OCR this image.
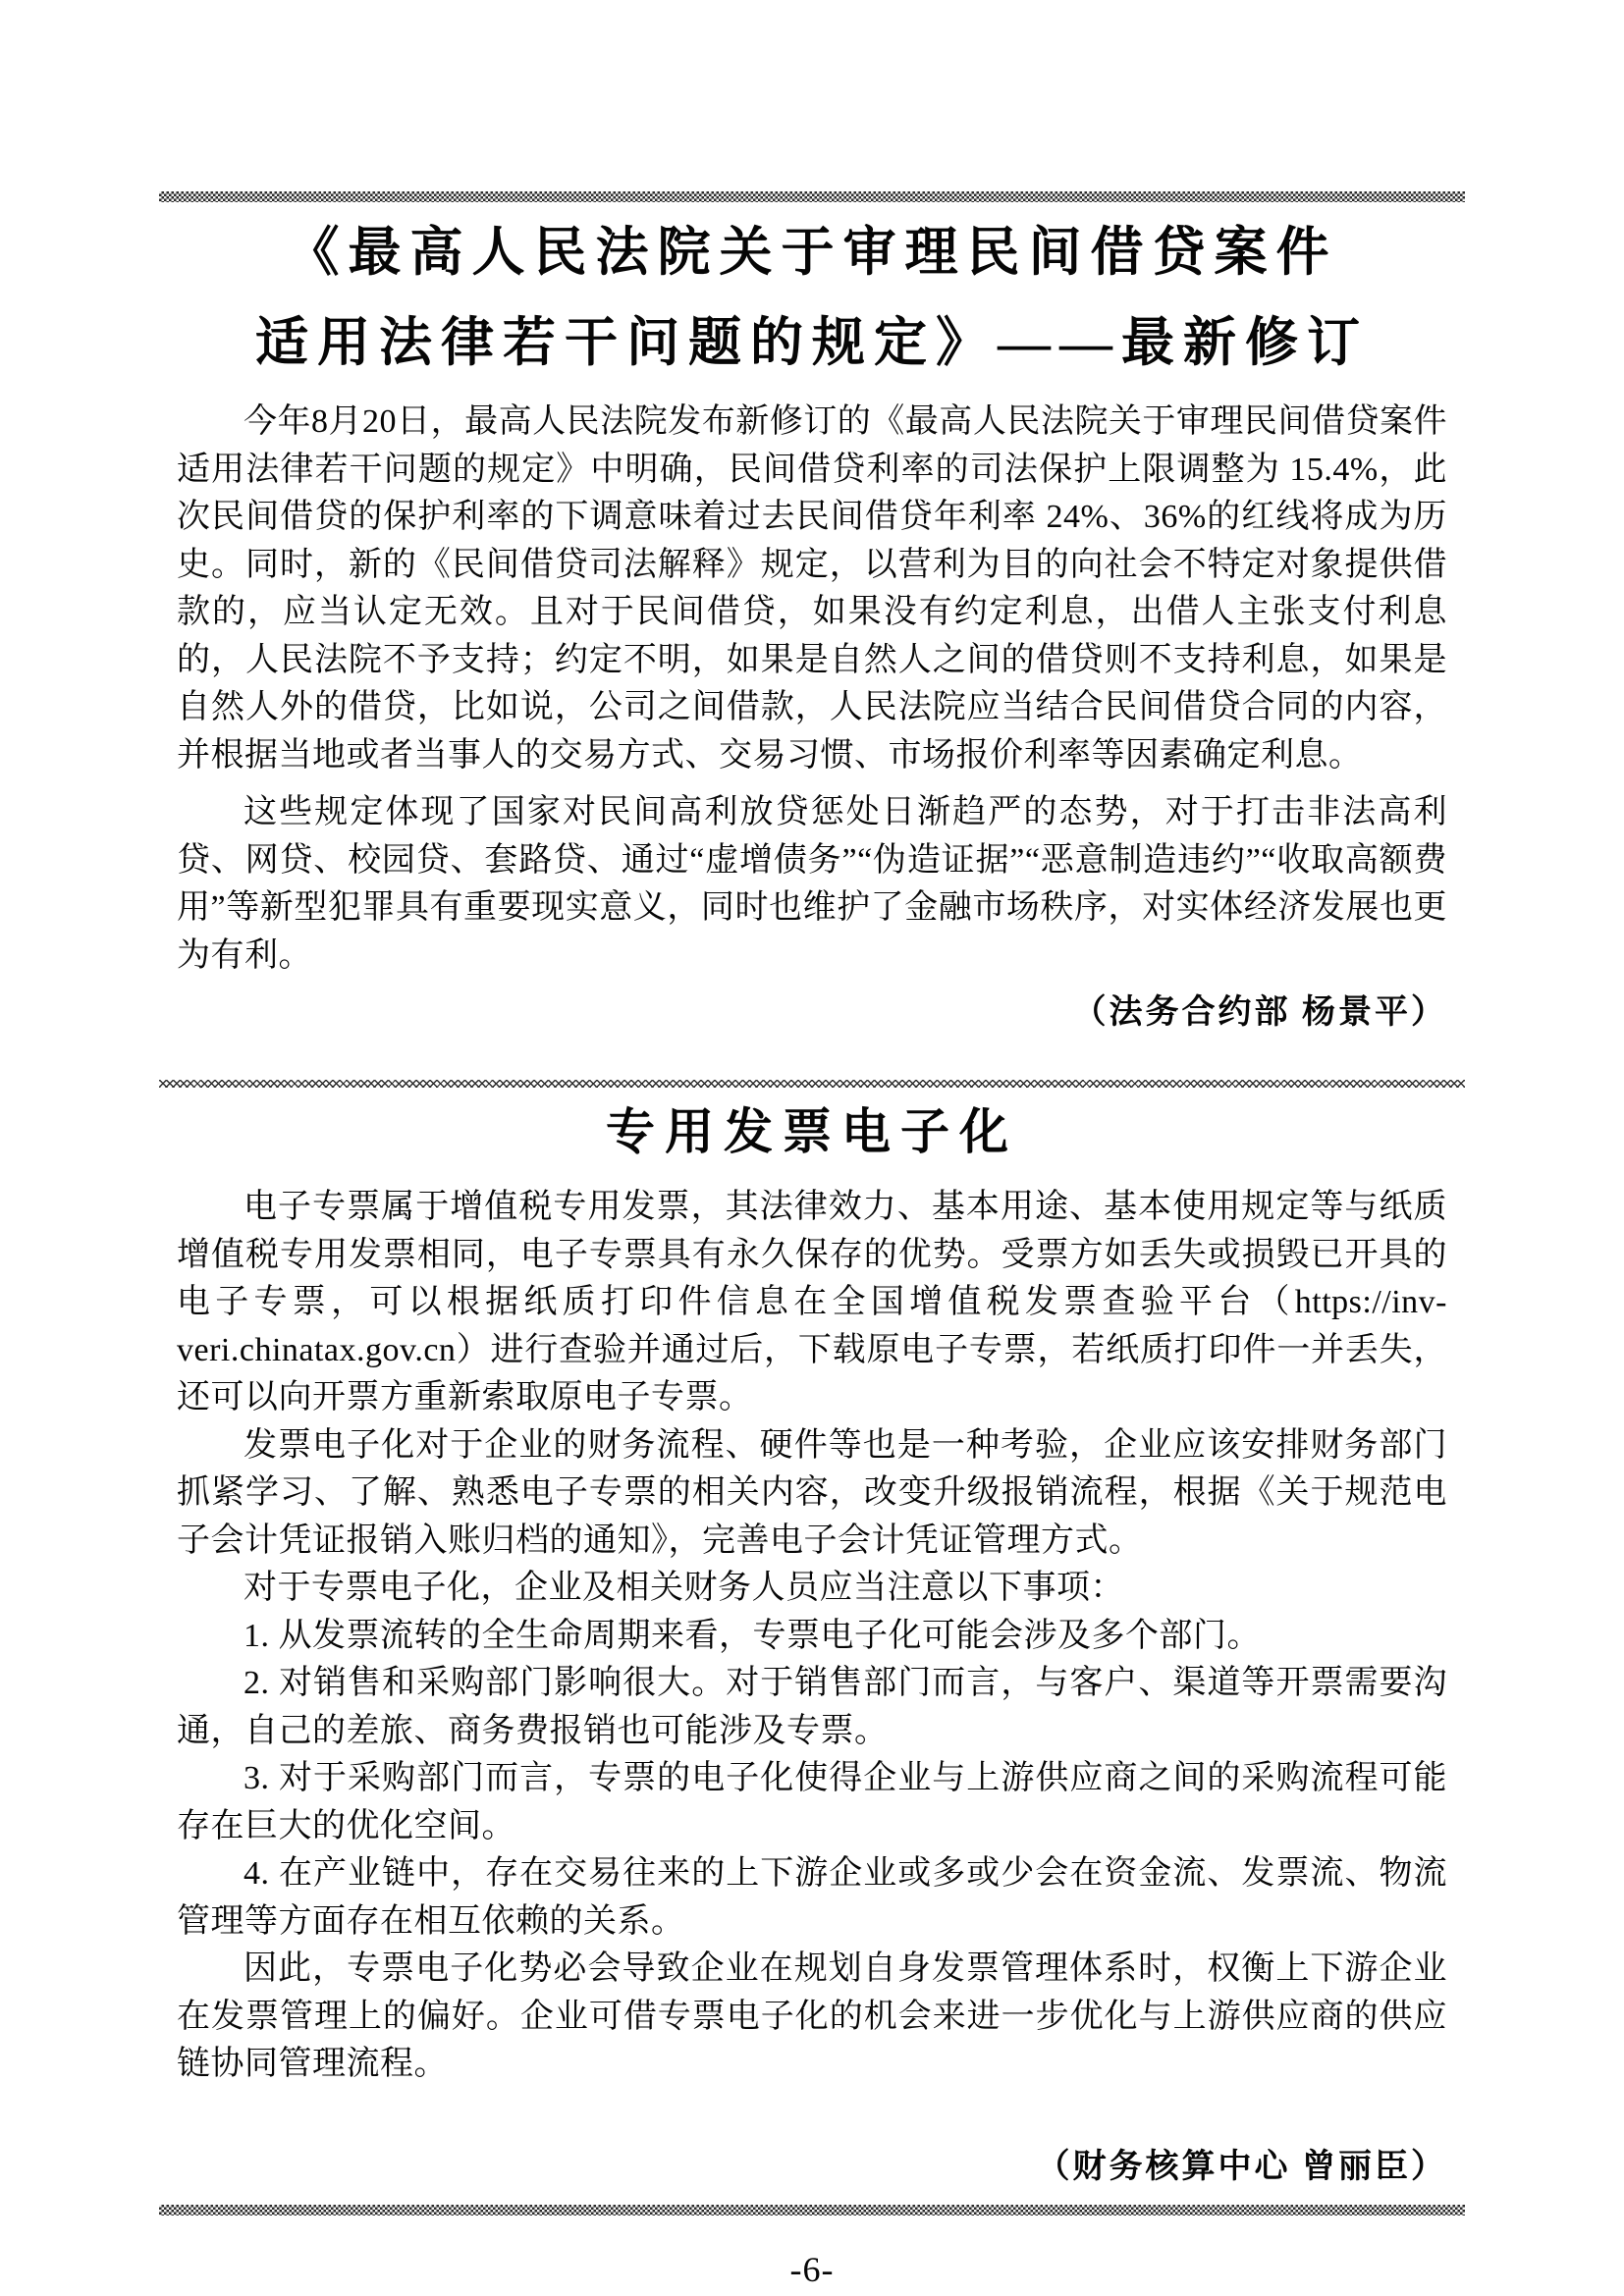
《最高人民法院关于审理民间借贷案件
适用法律若干问题的规定》——最新修订

今年8月20日，最高人民法院发布新修订的《最高人民法院关于审理民间借贷案件适用法律若干问题的规定》中明确，民间借贷利率的司法保护上限调整为 15.4%，此次民间借贷的保护利率的下调意味着过去民间借贷年利率 24%、36%的红线将成为历史。同时，新的《民间借贷司法解释》规定，以营利为目的向社会不特定对象提供借款的，应当认定无效。且对于民间借贷，如果没有约定利息，出借人主张支付利息的，人民法院不予支持；约定不明，如果是自然人之间的借贷则不支持利息，如果是自然人外的借贷，比如说，公司之间借款，人民法院应当结合民间借贷合同的内容，并根据当地或者当事人的交易方式、交易习惯、市场报价利率等因素确定利息。

这些规定体现了国家对民间高利放贷惩处日渐趋严的态势，对于打击非法高利贷、网贷、校园贷、套路贷、通过“虚增债务”“伪造证据”“恶意制造违约”“收取高额费用”等新型犯罪具有重要现实意义，同时也维护了金融市场秩序，对实体经济发展也更为有利。

（法务合约部 杨景平）

专用发票电子化

电子专票属于增值税专用发票，其法律效力、基本用途、基本使用规定等与纸质增值税专用发票相同，电子专票具有永久保存的优势。受票方如丢失或损毁已开具的电子专票，可以根据纸质打印件信息在全国增值税发票查验平台（https://inv-veri.chinatax.gov.cn）进行查验并通过后，下载原电子专票，若纸质打印件一并丢失，还可以向开票方重新索取原电子专票。

发票电子化对于企业的财务流程、硬件等也是一种考验，企业应该安排财务部门抓紧学习、了解、熟悉电子专票的相关内容，改变升级报销流程，根据《关于规范电子会计凭证报销入账归档的通知》，完善电子会计凭证管理方式。

对于专票电子化，企业及相关财务人员应当注意以下事项：

1. 从发票流转的全生命周期来看，专票电子化可能会涉及多个部门。

2. 对销售和采购部门影响很大。对于销售部门而言，与客户、渠道等开票需要沟通，自己的差旅、商务费报销也可能涉及专票。

3. 对于采购部门而言，专票的电子化使得企业与上游供应商之间的采购流程可能存在巨大的优化空间。

4. 在产业链中，存在交易往来的上下游企业或多或少会在资金流、发票流、物流管理等方面存在相互依赖的关系。

因此，专票电子化势必会导致企业在规划自身发票管理体系时，权衡上下游企业在发票管理上的偏好。企业可借专票电子化的机会来进一步优化与上游供应商的供应链协同管理流程。

（财务核算中心 曾丽臣）

-6-
